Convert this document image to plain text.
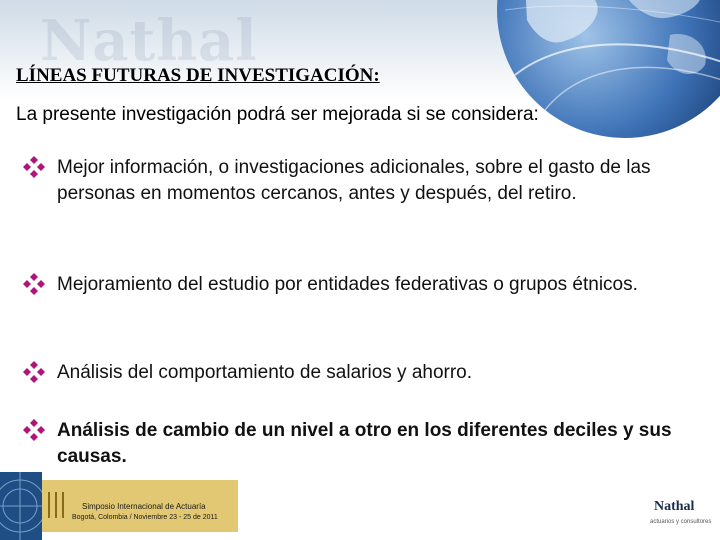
Nathal
LÍNEAS FUTURAS DE INVESTIGACIÓN:
La presente investigación podrá ser mejorada si se considera:
Mejor información, o investigaciones adicionales, sobre el gasto de las personas en momentos cercanos, antes y después, del retiro.
Mejoramiento del estudio por entidades federativas o grupos étnicos.
Análisis del comportamiento de salarios y ahorro.
Análisis de cambio de un nivel a otro en los diferentes deciles y sus causas.
Simposio Internacional de Actuaría
Bogotá, Colombia / Noviembre 23 - 25 de 2011
Nathal
actuarios y consultores
